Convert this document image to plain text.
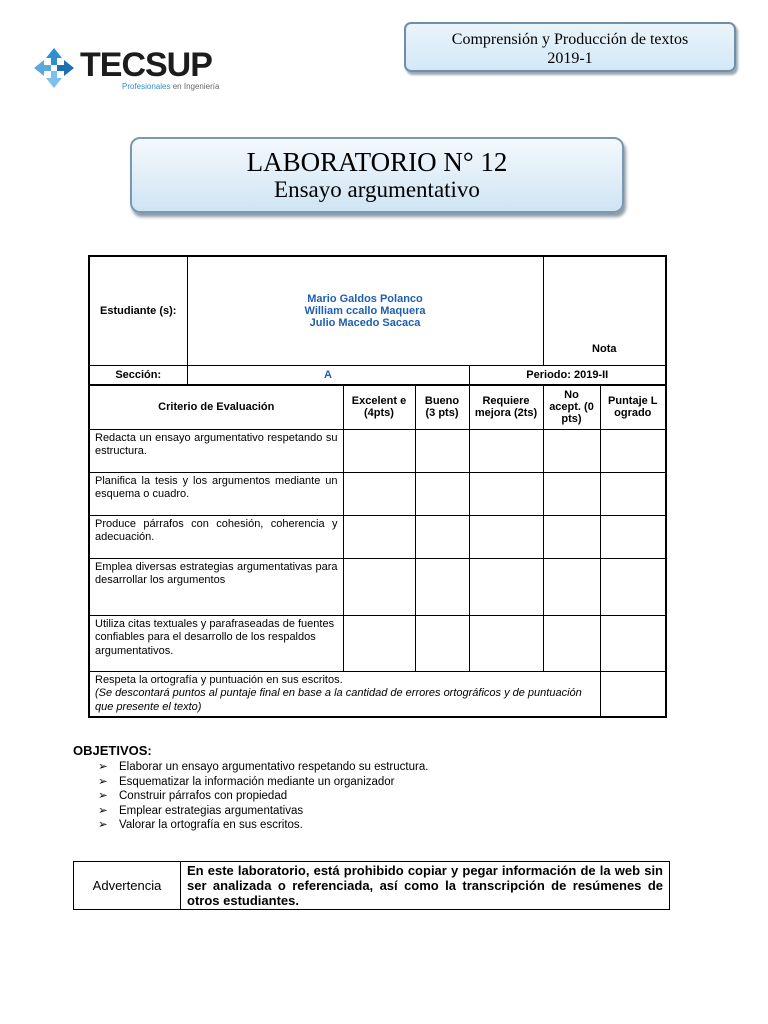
TECSUP
Profesionales en Ingeniería
Comprensión y Producción de textos
2019-1
LABORATORIO N° 12
Ensayo argumentativo
Estudiante (s):	Mario Galdos Polanco
William ccallo Maquera
Julio Macedo Sacaca				Nota	
Sección:	A			Periodo: 2019-II		
Criterio de Evaluación		Excelent e (4pts)	Bueno (3 pts)	Requiere mejora (2ts)	No acept. (0 pts)	Puntaje Logrado
Redacta un ensayo argumentativo respetando su estructura.						
Planifica la tesis y los argumentos mediante un esquema o cuadro.						
Produce párrafos con cohesión, coherencia y adecuación.						
Emplea diversas estrategias argumentativas para desarrollar los argumentos						
Utiliza citas textuales y parafraseadas de fuentes confiables para el desarrollo de los respaldos argumentativos.						

Respeta la ortografía y puntuación en sus escritos.
(Se descontará puntos al puntaje final en base a la cantidad de errores ortográficos y de puntuación que presente el texto)						

OBJETIVOS:
➢ Elaborar un ensayo argumentativo respetando su estructura.
➢ Esquematizar la información mediante un organizador
➢ Construir párrafos con propiedad
➢ Emplear estrategias argumentativas
➢ Valorar la ortografía en sus escritos.
Advertencia	En este laboratorio, está prohibido copiar y pegar información de la web sin ser analizada o referenciada, así como la transcripción de resúmenes de otros estudiantes.
